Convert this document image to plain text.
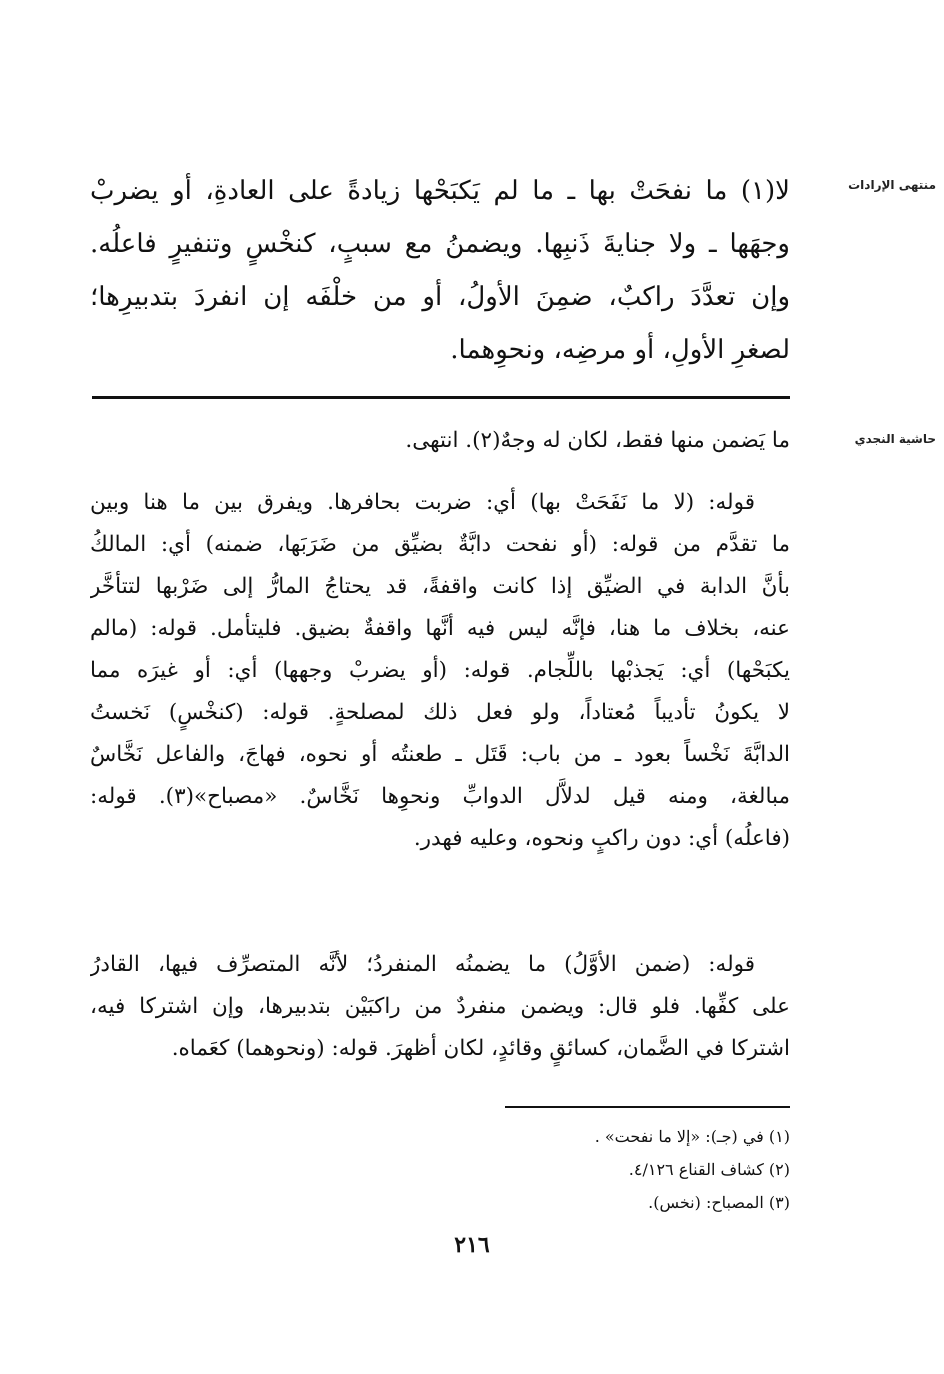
منتهى الإرادات
لا(١) ما نفحَتْ بها ـ ما لم يَكبَحْها زيادةً على العادةِ، أو يضربْ
وجهَها ـ ولا جنايةَ ذَنبِها. ويضمنُ مع سببٍ، كنخْسٍ وتنفيرٍ فاعلُه.
وإن تعدَّدَ راكبٌ، ضمِنَ الأولُ، أو من خلْفَه إن انفردَ بتدبيرِها؛
لصغرِ الأولِ، أو مرضِه، ونحوِهما.
حاشية النجدي
ما يَضمن منها فقط، لكان له وجهٌ(٢). انتهى.
قوله: (لا ما نَفَحَتْ بها) أي: ضربت بحافرها. ويفرق بين ما هنا وبين
ما تقدَّم من قوله: (أو نفحت دابَّةٌ بضيِّق من ضَرَبَها، ضمنه) أي: المالكُ
بأنَّ الدابة في الضيِّق إذا كانت واقفةً، قد يحتاجُ المارُّ إلى ضَرْبها لتتأخَّر
عنه، بخلاف ما هنا، فإنَّه ليس فيه أنَّها واقفةٌ بضيق. فليتأمل. قوله: (مالم
يكبَحْها) أي: يَجذبْها باللِّجام. قوله: (أو يضربْ وجهها) أي: أو غيرَه مما
لا يكونُ تأديباً مُعتاداً، ولو فعل ذلك لمصلحةٍ. قوله: (كنخْسٍ) نَخستُ
الدابَّةَ نَخْساً بعود ـ من باب: قَتَل ـ طعنتُه أو نحوه، فهاجَ، والفاعل نَخَّاسٌ
مبالغة، ومنه قيل لدلاَّل الدوابِّ ونحوِها نَخَّاسٌ. «مصباح»(٣). قوله:
(فاعلُه) أي: دون راكبٍ ونحوه، وعليه فهدر.
قوله: (ضمن الأوَّلُ) ما يضمنُه المنفردُ؛ لأنَّه المتصرِّف فيها، القادرُ
على كفِّها. فلو قال: ويضمن منفردٌ من راكبَيْن بتدبيرها، وإن اشتركا فيه،
اشتركا في الضَّمان، كسائقٍ وقائدٍ، لكان أظهرَ. قوله: (ونحوهما) كعَماه.
(١) في (جـ): «إلا ما نفحت» .
(٢) كشاف القناع ٤/١٢٦.
(٣) المصباح: (نخس).
٢١٦
